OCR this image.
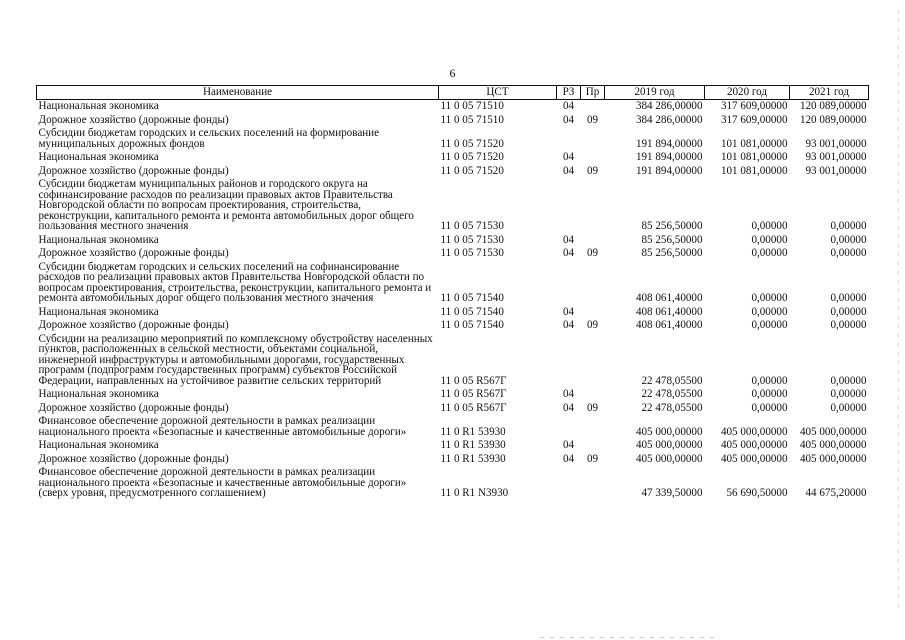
6
Наименование	ЦСТ	РЗ	Пр	2019 год	2020 год	2021 год
Национальная экономика	11 0 05 71510	04		384 286,00000	317 609,00000	120 089,00000
Дорожное хозяйство (дорожные фонды)	11 0 05 71510	04	09	384 286,00000	317 609,00000	120 089,00000
Субсидии бюджетам городских и сельских поселений на формирование муниципальных дорожных фондов	11 0 05 71520			191 894,00000	101 081,00000	93 001,00000
Национальная экономика	11 0 05 71520	04		191 894,00000	101 081,00000	93 001,00000
Дорожное хозяйство (дорожные фонды)	11 0 05 71520	04	09	191 894,00000	101 081,00000	93 001,00000
Субсидии бюджетам муниципальных районов и городского округа на софинансирование расходов по реализации правовых актов Правительства Новгородской области по вопросам проектирования, строительства, реконструкции, капитального ремонта и ремонта автомобильных дорог общего пользования местного значения	11 0 05 71530			85 256,50000	0,00000	0,00000
Национальная экономика	11 0 05 71530	04		85 256,50000	0,00000	0,00000
Дорожное хозяйство (дорожные фонды)	11 0 05 71530	04	09	85 256,50000	0,00000	0,00000
Субсидии бюджетам городских и сельских поселений на софинансирование расходов по реализации правовых актов Правительства Новгородской области по вопросам проектирования, строительства, реконструкции, капитального ремонта и ремонта автомобильных дорог общего пользования местного значения	11 0 05 71540			408 061,40000	0,00000	0,00000
Национальная экономика	11 0 05 71540	04		408 061,40000	0,00000	0,00000
Дорожное хозяйство (дорожные фонды)	11 0 05 71540	04	09	408 061,40000	0,00000	0,00000
Субсидии на реализацию мероприятий по комплексному обустройству населенных пунктов, расположенных в сельской местности, объектами социальной, инженерной инфраструктуры и автомобильными дорогами, государственных программ (подпрограмм государственных программ) субъектов Российской Федерации, направленных на устойчивое развитие сельских территорий	11 0 05 R567Г			22 478,05500	0,00000	0,00000
Национальная экономика	11 0 05 R567Г	04		22 478,05500	0,00000	0,00000
Дорожное хозяйство (дорожные фонды)	11 0 05 R567Г	04	09	22 478,05500	0,00000	0,00000
Финансовое обеспечение дорожной деятельности в рамках реализации национального проекта «Безопасные и качественные автомобильные дороги»	11 0 R1 53930			405 000,00000	405 000,00000	405 000,00000
Национальная экономика	11 0 R1 53930	04		405 000,00000	405 000,00000	405 000,00000
Дорожное хозяйство (дорожные фонды)	11 0 R1 53930	04	09	405 000,00000	405 000,00000	405 000,00000
Финансовое обеспечение дорожной деятельности в рамках реализации национального проекта «Безопасные и качественные автомобильные дороги» (сверх уровня, предусмотренного соглашением)	11 0 R1 N3930			47 339,50000	56 690,50000	44 675,20000
